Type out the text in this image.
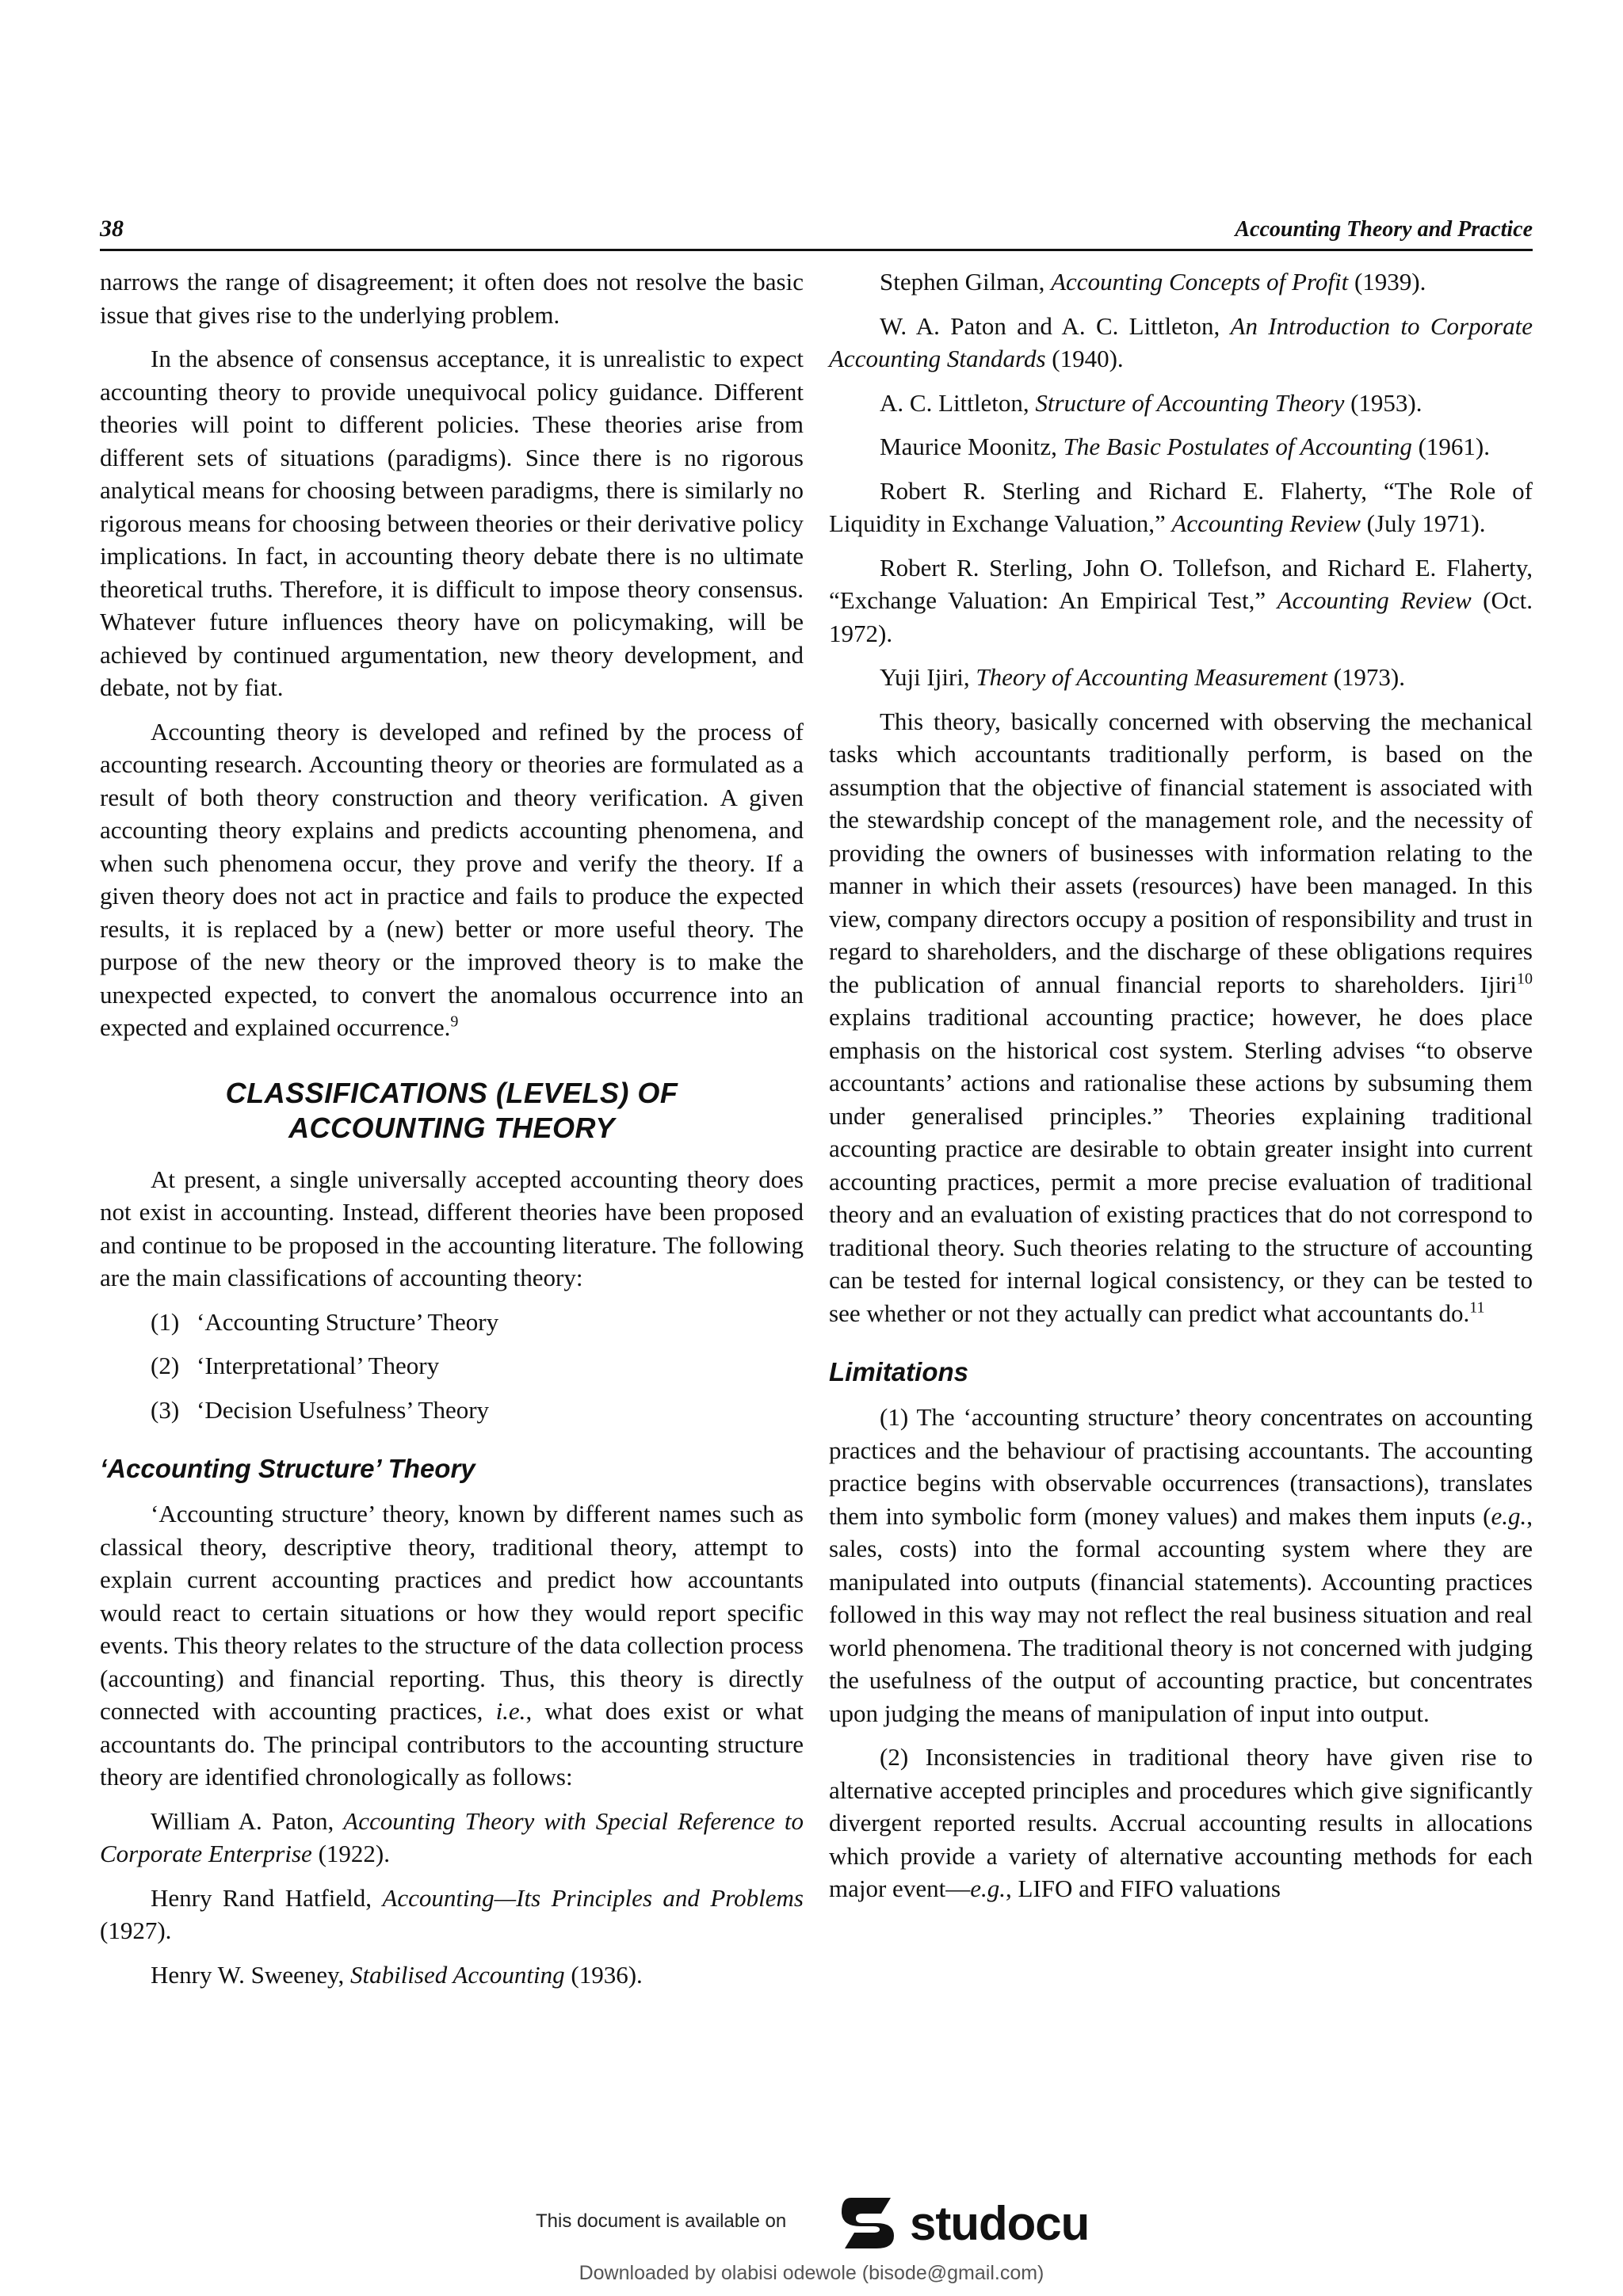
38	Accounting Theory and Practice

narrows the range of disagreement; it often does not resolve the basic issue that gives rise to the underlying problem.

In the absence of consensus acceptance, it is unrealistic to expect accounting theory to provide unequivocal policy guidance. Different theories will point to different policies. These theories arise from different sets of situations (paradigms). Since there is no rigorous analytical means for choosing between paradigms, there is similarly no rigorous means for choosing between theories or their derivative policy implications. In fact, in accounting theory debate there is no ultimate theoretical truths. Therefore, it is difficult to impose theory consensus. Whatever future influences theory have on policymaking, will be achieved by continued argumentation, new theory development, and debate, not by fiat.

Accounting theory is developed and refined by the process of accounting research. Accounting theory or theories are formulated as a result of both theory construction and theory verification. A given accounting theory explains and predicts accounting phenomena, and when such phenomena occur, they prove and verify the theory. If a given theory does not act in practice and fails to produce the expected results, it is replaced by a (new) better or more useful theory. The purpose of the new theory or the improved theory is to make the unexpected expected, to convert the anomalous occurrence into an expected and explained occurrence.$^9$

CLASSIFICATIONS (LEVELS) OF
ACCOUNTING THEORY

At present, a single universally accepted accounting theory does not exist in accounting. Instead, different theories have been proposed and continue to be proposed in the accounting literature. The following are the main classifications of accounting theory:

(1) ‘Accounting Structure’ Theory
(2) ‘Interpretational’ Theory
(3) ‘Decision Usefulness’ Theory
‘Accounting Structure’ Theory

‘Accounting structure’ theory, known by different names such as classical theory, descriptive theory, traditional theory, attempt to explain current accounting practices and predict how accountants would react to certain situations or how they would report specific events. This theory relates to the structure of the data collection process (accounting) and financial reporting. Thus, this theory is directly connected with accounting practices, i.e., what does exist or what accountants do. The principal contributors to the accounting structure theory are identified chronologically as follows:

William A. Paton, Accounting Theory with Special Reference to Corporate Enterprise (1922).

Henry Rand Hatfield, Accounting—Its Principles and Problems (1927).

Henry W. Sweeney, Stabilised Accounting (1936).

Stephen Gilman, Accounting Concepts of Profit (1939).

W. A. Paton and A. C. Littleton, An Introduction to Corporate Accounting Standards (1940).

A. C. Littleton, Structure of Accounting Theory (1953).

Maurice Moonitz, The Basic Postulates of Accounting (1961).

Robert R. Sterling and Richard E. Flaherty, “The Role of Liquidity in Exchange Valuation,” Accounting Review (July 1971).

Robert R. Sterling, John O. Tollefson, and Richard E. Flaherty, “Exchange Valuation: An Empirical Test,” Accounting Review (Oct. 1972).

Yuji Ijiri, Theory of Accounting Measurement (1973).

This theory, basically concerned with observing the mechanical tasks which accountants traditionally perform, is based on the assumption that the objective of financial statement is associated with the stewardship concept of the management role, and the necessity of providing the owners of businesses with information relating to the manner in which their assets (resources) have been managed. In this view, company directors occupy a position of responsibility and trust in regard to shareholders, and the discharge of these obligations requires the publication of annual financial reports to shareholders. Ijiri$^{10}$ explains traditional accounting practice; however, he does place emphasis on the historical cost system. Sterling advises “to observe accountants’ actions and rationalise these actions by subsuming them under generalised principles.” Theories explaining traditional accounting practice are desirable to obtain greater insight into current accounting practices, permit a more precise evaluation of traditional theory and an evaluation of existing practices that do not correspond to traditional theory. Such theories relating to the structure of accounting can be tested for internal logical consistency, or they can be tested to see whether or not they actually can predict what accountants do.$^{11}$

Limitations

(1) The ‘accounting structure’ theory concentrates on accounting practices and the behaviour of practising accountants. The accounting practice begins with observable occurrences (transactions), translates them into symbolic form (money values) and makes them inputs (e.g., sales, costs) into the formal accounting system where they are manipulated into outputs (financial statements). Accounting practices followed in this way may not reflect the real business situation and real world phenomena. The traditional theory is not concerned with judging the usefulness of the output of accounting practice, but concentrates upon judging the means of manipulation of input into output.

(2) Inconsistencies in traditional theory have given rise to alternative accepted principles and procedures which give significantly divergent reported results. Accrual accounting results in allocations which provide a variety of alternative accounting methods for each major event—e.g., LIFO and FIFO valuations

This document is available on	studocu
Downloaded by olabisi odewole (bisode@gmail.com)
